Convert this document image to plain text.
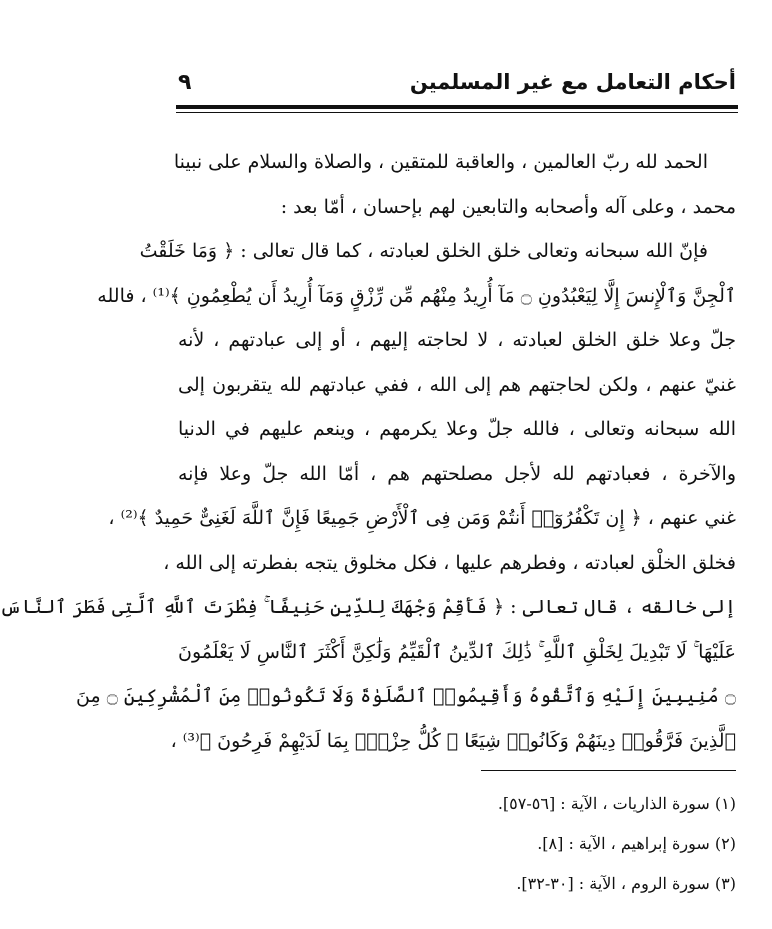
أحكام التعامل مع غير المسلمين
٩
الحمد لله ربّ العالمين ، والعاقبة للمتقين ، والصلاة والسلام على نبينا
محمد ، وعلى آله وأصحابه والتابعين لهم بإحسان ، أمّا بعد :
فإنّ الله سبحانه وتعالى خلق الخلق لعبادته ، كما قال تعالى : ﴿ وَمَا خَلَقْتُ
ٱلْجِنَّ وَٱلْإِنسَ إِلَّا لِيَعْبُدُونِ ۝ مَآ أُرِيدُ مِنْهُم مِّن رِّزْقٍ وَمَآ أُرِيدُ أَن يُطْعِمُونِ ﴾⁽¹⁾ ، فالله
جلّ وعلا خلق الخلق لعبادته ، لا لحاجته إليهم ، أو إلى عبادتهم ، لأنه
غنيّ عنهم ، ولكن لحاجتهم هم إلى الله ، ففي عبادتهم لله يتقربون إلى
الله سبحانه وتعالى ، فالله جلّ وعلا يكرمهم ، وينعم عليهم في الدنيا
والآخرة ، فعبادتهم لله لأجل مصلحتهم هم ، أمّا الله جلّ وعلا فإنه
غني عنهم ، ﴿ إِن تَكْفُرُوٓا۟ أَنتُمْ وَمَن فِى ٱلْأَرْضِ جَمِيعًا فَإِنَّ ٱللَّهَ لَغَنِىٌّ حَمِيدٌ ﴾⁽²⁾ ،
فخلق الخلْق لعبادته ، وفطرهم عليها ، فكل مخلوق يتجه بفطرته إلى الله ،
إلى خالقه ، قال تعالى : ﴿ فَأَقِمْ وَجْهَكَ لِلدِّينِ حَنِيفًا ۚ فِطْرَتَ ٱللَّهِ ٱلَّتِى فَطَرَ ٱلنَّاسَ
عَلَيْهَا ۚ لَا تَبْدِيلَ لِخَلْقِ ٱللَّهِ ۚ ذَٰلِكَ ٱلدِّينُ ٱلْقَيِّمُ وَلَٰكِنَّ أَكْثَرَ ٱلنَّاسِ لَا يَعْلَمُونَ
۝ مُنِيبِينَ إِلَيْهِ وَٱتَّقُوهُ وَأَقِيمُوا۟ ٱلصَّلَوٰةَ وَلَا تَكُونُوا۟ مِنَ ٱلْمُشْرِكِينَ ۝ مِنَ
ٱلَّذِينَ فَرَّقُوا۟ دِينَهُمْ وَكَانُوا۟ شِيَعًا ۖ كُلُّ حِزْبٍۭ بِمَا لَدَيْهِمْ فَرِحُونَ ﴾⁽³⁾ ،
(١) سورة الذاريات ، الآية : [٥٦-٥٧].
(٢) سورة إبراهيم ، الآية : [٨].
(٣) سورة الروم ، الآية : [٣٠-٣٢].
